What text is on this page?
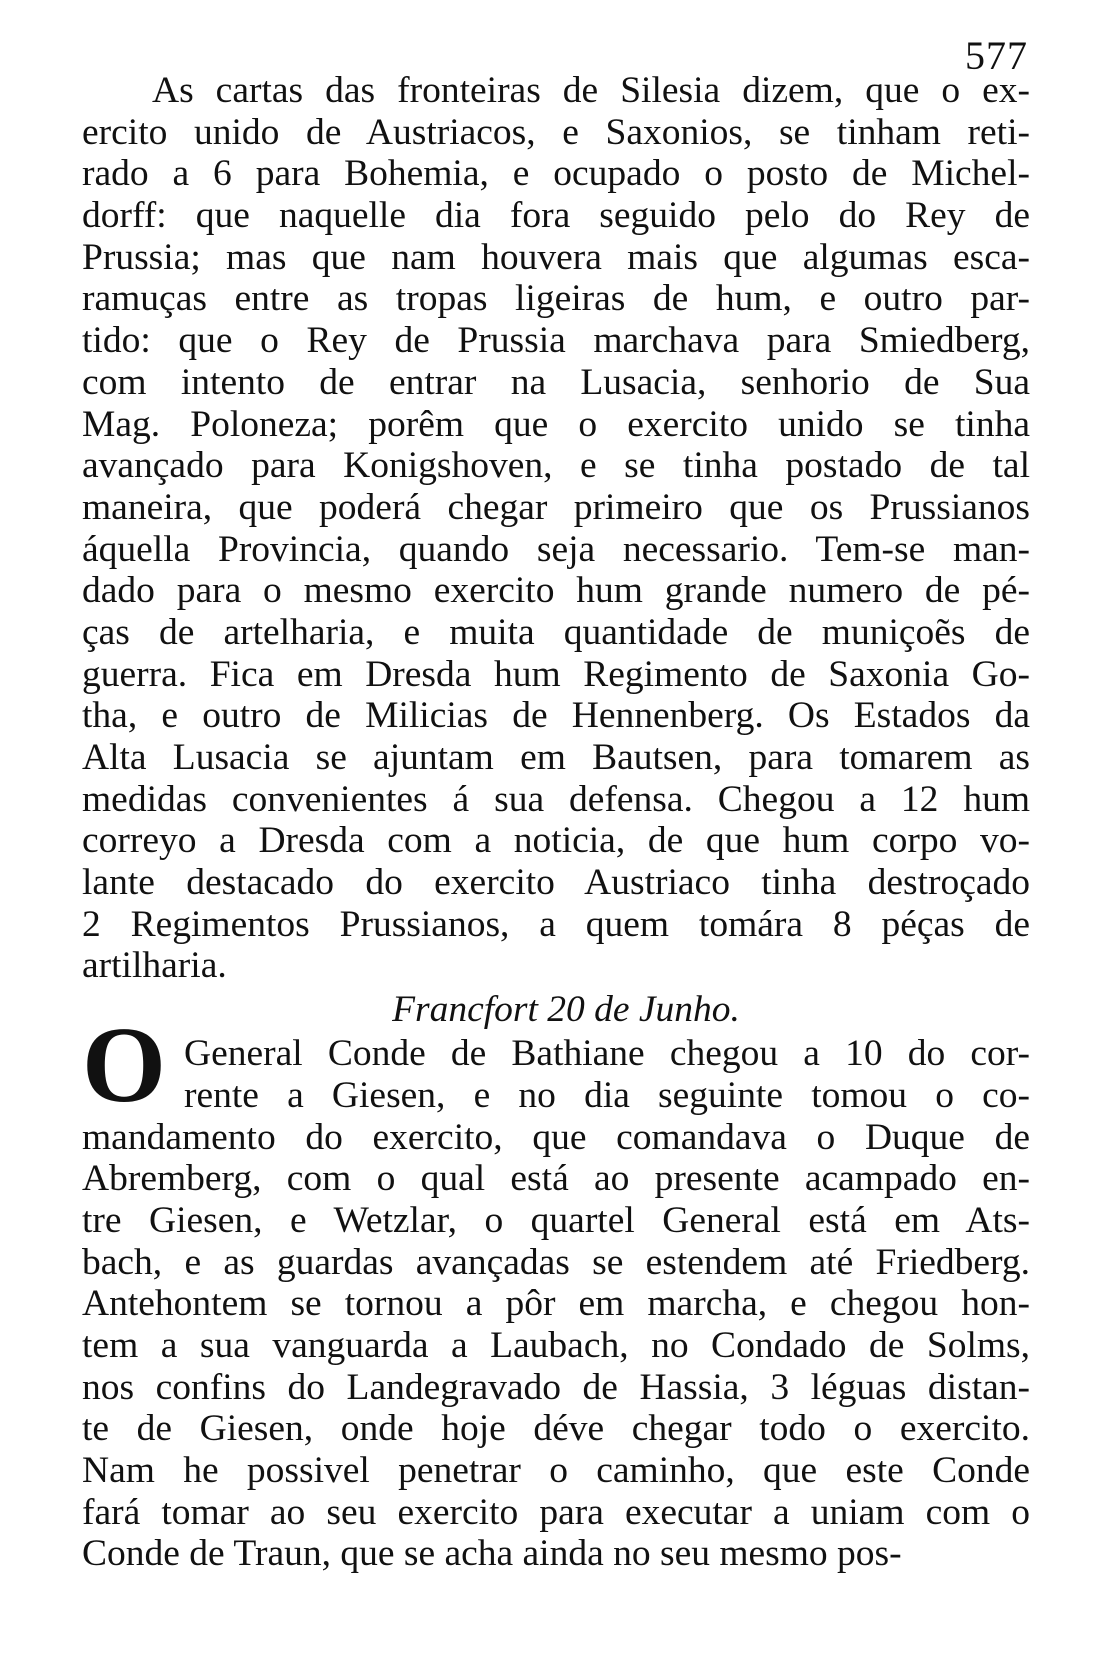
577
As cartas das fronteiras de Silesia dizem, que o ex-
ercito unido de Austriacos, e Saxonios, se tinham reti-
rado a 6 para Bohemia, e ocupado o posto de Michel-
dorff: que naquelle dia fora seguido pelo do Rey de
Prussia; mas que nam houvera mais que algumas esca-
ramuças entre as tropas ligeiras de hum, e outro par-
tido: que o Rey de Prussia marchava para Smiedberg,
com intento de entrar na Lusacia, senhorio de Sua
Mag. Poloneza; porêm que o exercito unido se tinha
avançado para Konigshoven, e se tinha postado de tal
maneira, que poderá chegar primeiro que os Prussianos
áquella Provincia, quando seja necessario. Tem-se man-
dado para o mesmo exercito hum grande numero de pé-
ças de artelharia, e muita quantidade de muniçoẽs de
guerra. Fica em Dresda hum Regimento de Saxonia Go-
tha, e outro de Milicias de Hennenberg. Os Estados da
Alta Lusacia se ajuntam em Bautsen, para tomarem as
medidas convenientes á sua defensa. Chegou a 12 hum
correyo a Dresda com a noticia, de que hum corpo vo-
lante destacado do exercito Austriaco tinha destroçado
2 Regimentos Prussianos, a quem tomára 8 péças de
artilharia.
Francfort 20 de Junho.
General Conde de Bathiane chegou a 10 do cor-
rente a Giesen, e no dia seguinte tomou o co-
mandamento do exercito, que comandava o Duque de
Abremberg, com o qual está ao presente acampado en-
tre Giesen, e Wetzlar, o quartel General está em Ats-
bach, e as guardas avançadas se estendem até Friedberg.
Antehontem se tornou a pôr em marcha, e chegou hon-
tem a sua vanguarda a Laubach, no Condado de Solms,
nos confins do Landegravado de Hassia, 3 léguas distan-
te de Giesen, onde hoje déve chegar todo o exercito.
Nam he possivel penetrar o caminho, que este Conde
fará tomar ao seu exercito para executar a uniam com o
Conde de Traun, que se acha ainda no seu mesmo pos-
O
